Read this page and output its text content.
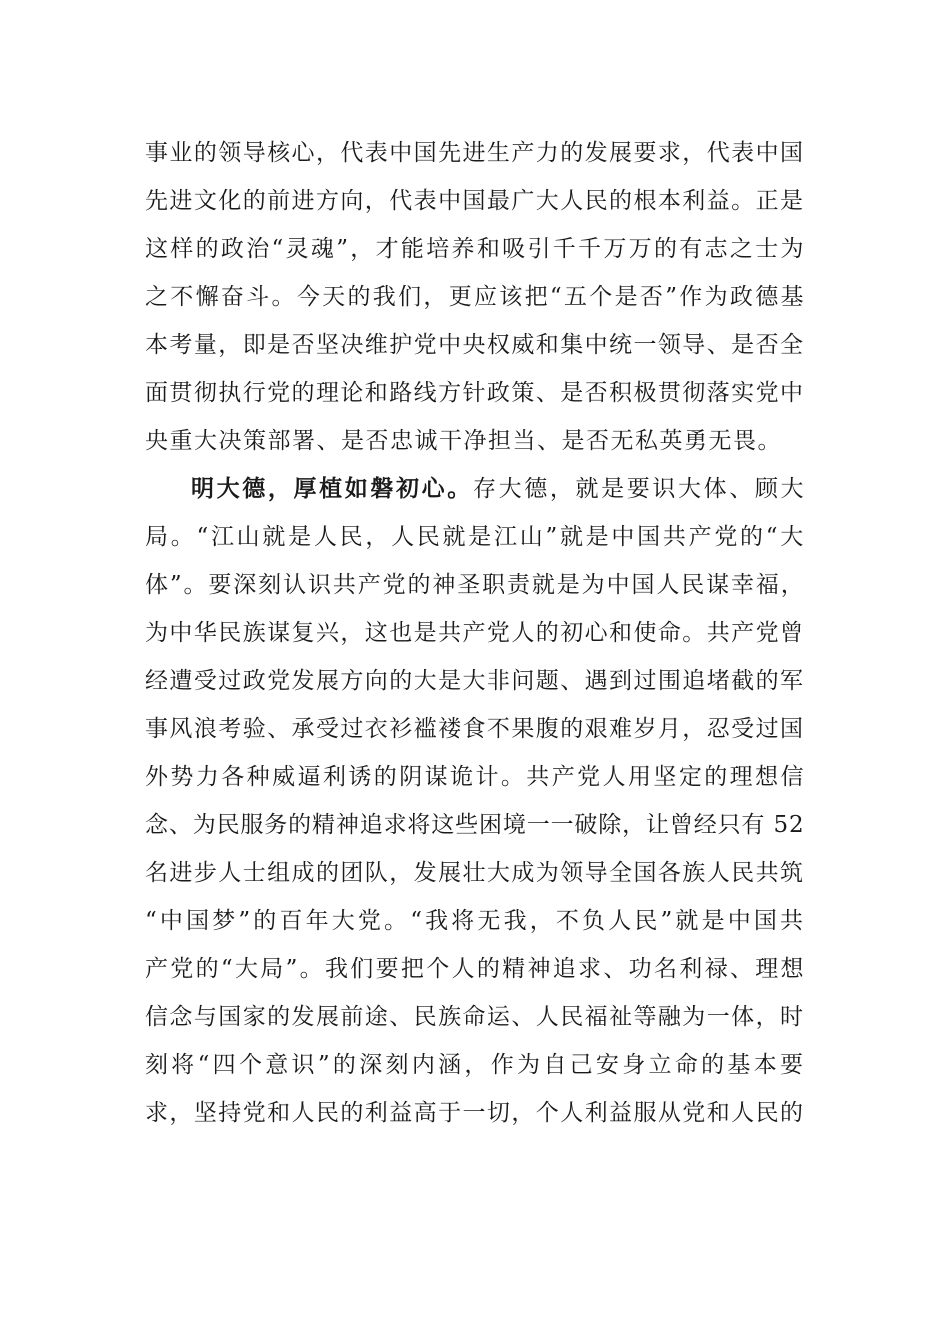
事业的领导核心，代表中国先进生产力的发展要求，代表中国
先进文化的前进方向，代表中国最广大人民的根本利益。正是
这样的政治“灵魂”，才能培养和吸引千千万万的有志之士为
之不懈奋斗。今天的我们，更应该把“五个是否”作为政德基
本考量，即是否坚决维护党中央权威和集中统一领导、是否全
面贯彻执行党的理论和路线方针政策、是否积极贯彻落实党中
央重大决策部署、是否忠诚干净担当、是否无私英勇无畏。
明大德，厚植如磐初心。存大德，就是要识大体、顾大
局。“江山就是人民，人民就是江山”就是中国共产党的“大
体”。要深刻认识共产党的神圣职责就是为中国人民谋幸福，
为中华民族谋复兴，这也是共产党人的初心和使命。共产党曾
经遭受过政党发展方向的大是大非问题、遇到过围追堵截的军
事风浪考验、承受过衣衫褴褛食不果腹的艰难岁月，忍受过国
外势力各种威逼利诱的阴谋诡计。共产党人用坚定的理想信
念、为民服务的精神追求将这些困境一一破除，让曾经只有 52
名进步人士组成的团队，发展壮大成为领导全国各族人民共筑
“中国梦”的百年大党。“我将无我，不负人民”就是中国共
产党的“大局”。我们要把个人的精神追求、功名利禄、理想
信念与国家的发展前途、民族命运、人民福祉等融为一体，时
刻将“四个意识”的深刻内涵，作为自己安身立命的基本要
求，坚持党和人民的利益高于一切，个人利益服从党和人民的
